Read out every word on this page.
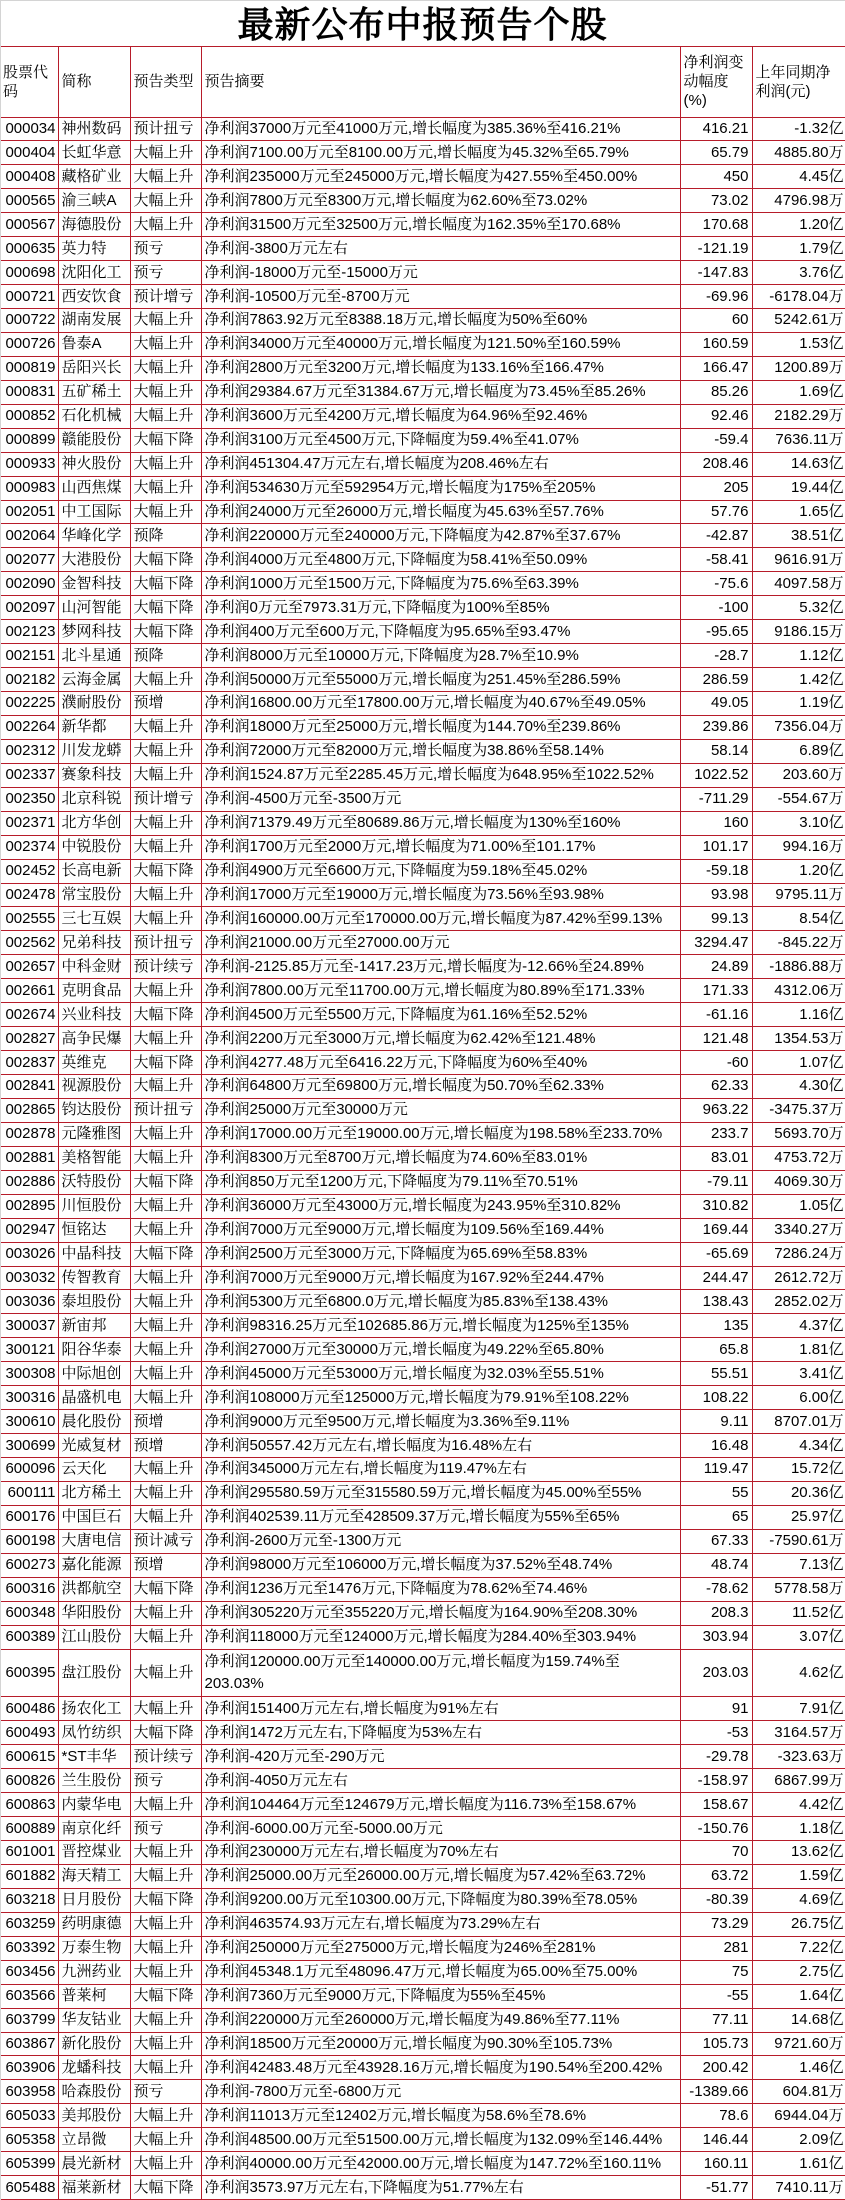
最新公布中报预告个股
股票代码	简称	预告类型	预告摘要	净利润变动幅度(%)	上年同期净利润(元)
000034	神州数码	预计扭亏	净利润37000万元至41000万元,增长幅度为385.36%至416.21%	416.21	-1.32亿
000404	长虹华意	大幅上升	净利润7100.00万元至8100.00万元,增长幅度为45.32%至65.79%	65.79	4885.80万
000408	藏格矿业	大幅上升	净利润235000万元至245000万元,增长幅度为427.55%至450.00%	450	4.45亿
000565	渝三峡A	大幅上升	净利润7800万元至8300万元,增长幅度为62.60%至73.02%	73.02	4796.98万
000567	海德股份	大幅上升	净利润31500万元至32500万元,增长幅度为162.35%至170.68%	170.68	1.20亿
000635	英力特	预亏	净利润-3800万元左右	-121.19	1.79亿
000698	沈阳化工	预亏	净利润-18000万元至-15000万元	-147.83	3.76亿
000721	西安饮食	预计增亏	净利润-10500万元至-8700万元	-69.96	-6178.04万
000722	湖南发展	大幅上升	净利润7863.92万元至8388.18万元,增长幅度为50%至60%	60	5242.61万
000726	鲁泰A	大幅上升	净利润34000万元至40000万元,增长幅度为121.50%至160.59%	160.59	1.53亿
000819	岳阳兴长	大幅上升	净利润2800万元至3200万元,增长幅度为133.16%至166.47%	166.47	1200.89万
000831	五矿稀土	大幅上升	净利润29384.67万元至31384.67万元,增长幅度为73.45%至85.26%	85.26	1.69亿
000852	石化机械	大幅上升	净利润3600万元至4200万元,增长幅度为64.96%至92.46%	92.46	2182.29万
000899	赣能股份	大幅下降	净利润3100万元至4500万元,下降幅度为59.4%至41.07%	-59.4	7636.11万
000933	神火股份	大幅上升	净利润451304.47万元左右,增长幅度为208.46%左右	208.46	14.63亿
000983	山西焦煤	大幅上升	净利润534630万元至592954万元,增长幅度为175%至205%	205	19.44亿
002051	中工国际	大幅上升	净利润24000万元至26000万元,增长幅度为45.63%至57.76%	57.76	1.65亿
002064	华峰化学	预降	净利润220000万元至240000万元,下降幅度为42.87%至37.67%	-42.87	38.51亿
002077	大港股份	大幅下降	净利润4000万元至4800万元,下降幅度为58.41%至50.09%	-58.41	9616.91万
002090	金智科技	大幅下降	净利润1000万元至1500万元,下降幅度为75.6%至63.39%	-75.6	4097.58万
002097	山河智能	大幅下降	净利润0万元至7973.31万元,下降幅度为100%至85%	-100	5.32亿
002123	梦网科技	大幅下降	净利润400万元至600万元,下降幅度为95.65%至93.47%	-95.65	9186.15万
002151	北斗星通	预降	净利润8000万元至10000万元,下降幅度为28.7%至10.9%	-28.7	1.12亿
002182	云海金属	大幅上升	净利润50000万元至55000万元,增长幅度为251.45%至286.59%	286.59	1.42亿
002225	濮耐股份	预增	净利润16800.00万元至17800.00万元,增长幅度为40.67%至49.05%	49.05	1.19亿
002264	新华都	大幅上升	净利润18000万元至25000万元,增长幅度为144.70%至239.86%	239.86	7356.04万
002312	川发龙蟒	大幅上升	净利润72000万元至82000万元,增长幅度为38.86%至58.14%	58.14	6.89亿
002337	赛象科技	大幅上升	净利润1524.87万元至2285.45万元,增长幅度为648.95%至1022.52%	1022.52	203.60万
002350	北京科锐	预计增亏	净利润-4500万元至-3500万元	-711.29	-554.67万
002371	北方华创	大幅上升	净利润71379.49万元至80689.86万元,增长幅度为130%至160%	160	3.10亿
002374	中锐股份	大幅上升	净利润1700万元至2000万元,增长幅度为71.00%至101.17%	101.17	994.16万
002452	长高电新	大幅下降	净利润4900万元至6600万元,下降幅度为59.18%至45.02%	-59.18	1.20亿
002478	常宝股份	大幅上升	净利润17000万元至19000万元,增长幅度为73.56%至93.98%	93.98	9795.11万
002555	三七互娱	大幅上升	净利润160000.00万元至170000.00万元,增长幅度为87.42%至99.13%	99.13	8.54亿
002562	兄弟科技	预计扭亏	净利润21000.00万元至27000.00万元	3294.47	-845.22万
002657	中科金财	预计续亏	净利润-2125.85万元至-1417.23万元,增长幅度为-12.66%至24.89%	24.89	-1886.88万
002661	克明食品	大幅上升	净利润7800.00万元至11700.00万元,增长幅度为80.89%至171.33%	171.33	4312.06万
002674	兴业科技	大幅下降	净利润4500万元至5500万元,下降幅度为61.16%至52.52%	-61.16	1.16亿
002827	高争民爆	大幅上升	净利润2200万元至3000万元,增长幅度为62.42%至121.48%	121.48	1354.53万
002837	英维克	大幅下降	净利润4277.48万元至6416.22万元,下降幅度为60%至40%	-60	1.07亿
002841	视源股份	大幅上升	净利润64800万元至69800万元,增长幅度为50.70%至62.33%	62.33	4.30亿
002865	钧达股份	预计扭亏	净利润25000万元至30000万元	963.22	-3475.37万
002878	元隆雅图	大幅上升	净利润17000.00万元至19000.00万元,增长幅度为198.58%至233.70%	233.7	5693.70万
002881	美格智能	大幅上升	净利润8300万元至8700万元,增长幅度为74.60%至83.01%	83.01	4753.72万
002886	沃特股份	大幅下降	净利润850万元至1200万元,下降幅度为79.11%至70.51%	-79.11	4069.30万
002895	川恒股份	大幅上升	净利润36000万元至43000万元,增长幅度为243.95%至310.82%	310.82	1.05亿
002947	恒铭达	大幅上升	净利润7000万元至9000万元,增长幅度为109.56%至169.44%	169.44	3340.27万
003026	中晶科技	大幅下降	净利润2500万元至3000万元,下降幅度为65.69%至58.83%	-65.69	7286.24万
003032	传智教育	大幅上升	净利润7000万元至9000万元,增长幅度为167.92%至244.47%	244.47	2612.72万
003036	泰坦股份	大幅上升	净利润5300万元至6800.0万元,增长幅度为85.83%至138.43%	138.43	2852.02万
300037	新宙邦	大幅上升	净利润98316.25万元至102685.86万元,增长幅度为125%至135%	135	4.37亿
300121	阳谷华泰	大幅上升	净利润27000万元至30000万元,增长幅度为49.22%至65.80%	65.8	1.81亿
300308	中际旭创	大幅上升	净利润45000万元至53000万元,增长幅度为32.03%至55.51%	55.51	3.41亿
300316	晶盛机电	大幅上升	净利润108000万元至125000万元,增长幅度为79.91%至108.22%	108.22	6.00亿
300610	晨化股份	预增	净利润9000万元至9500万元,增长幅度为3.36%至9.11%	9.11	8707.01万
300699	光威复材	预增	净利润50557.42万元左右,增长幅度为16.48%左右	16.48	4.34亿
600096	云天化	大幅上升	净利润345000万元左右,增长幅度为119.47%左右	119.47	15.72亿
600111	北方稀土	大幅上升	净利润295580.59万元至315580.59万元,增长幅度为45.00%至55%	55	20.36亿
600176	中国巨石	大幅上升	净利润402539.11万元至428509.37万元,增长幅度为55%至65%	65	25.97亿
600198	大唐电信	预计减亏	净利润-2600万元至-1300万元	67.33	-7590.61万
600273	嘉化能源	预增	净利润98000万元至106000万元,增长幅度为37.52%至48.74%	48.74	7.13亿
600316	洪都航空	大幅下降	净利润1236万元至1476万元,下降幅度为78.62%至74.46%	-78.62	5778.58万
600348	华阳股份	大幅上升	净利润305220万元至355220万元,增长幅度为164.90%至208.30%	208.3	11.52亿
600389	江山股份	大幅上升	净利润118000万元至124000万元,增长幅度为284.40%至303.94%	303.94	3.07亿
600395	盘江股份	大幅上升	净利润120000.00万元至140000.00万元,增长幅度为159.74%至203.03%	203.03	4.62亿
600486	扬农化工	大幅上升	净利润151400万元左右,增长幅度为91%左右	91	7.91亿
600493	凤竹纺织	大幅下降	净利润1472万元左右,下降幅度为53%左右	-53	3164.57万
600615	*ST丰华	预计续亏	净利润-420万元至-290万元	-29.78	-323.63万
600826	兰生股份	预亏	净利润-4050万元左右	-158.97	6867.99万
600863	内蒙华电	大幅上升	净利润104464万元至124679万元,增长幅度为116.73%至158.67%	158.67	4.42亿
600889	南京化纤	预亏	净利润-6000.00万元至-5000.00万元	-150.76	1.18亿
601001	晋控煤业	大幅上升	净利润230000万元左右,增长幅度为70%左右	70	13.62亿
601882	海天精工	大幅上升	净利润25000.00万元至26000.00万元,增长幅度为57.42%至63.72%	63.72	1.59亿
603218	日月股份	大幅下降	净利润9200.00万元至10300.00万元,下降幅度为80.39%至78.05%	-80.39	4.69亿
603259	药明康德	大幅上升	净利润463574.93万元左右,增长幅度为73.29%左右	73.29	26.75亿
603392	万泰生物	大幅上升	净利润250000万元至275000万元,增长幅度为246%至281%	281	7.22亿
603456	九洲药业	大幅上升	净利润45348.1万元至48096.47万元,增长幅度为65.00%至75.00%	75	2.75亿
603566	普莱柯	大幅下降	净利润7360万元至9000万元,下降幅度为55%至45%	-55	1.64亿
603799	华友钴业	大幅上升	净利润220000万元至260000万元,增长幅度为49.86%至77.11%	77.11	14.68亿
603867	新化股份	大幅上升	净利润18500万元至20000万元,增长幅度为90.30%至105.73%	105.73	9721.60万
603906	龙蟠科技	大幅上升	净利润42483.48万元至43928.16万元,增长幅度为190.54%至200.42%	200.42	1.46亿
603958	哈森股份	预亏	净利润-7800万元至-6800万元	-1389.66	604.81万
605033	美邦股份	大幅上升	净利润11013万元至12402万元,增长幅度为58.6%至78.6%	78.6	6944.04万
605358	立昂微	大幅上升	净利润48500.00万元至51500.00万元,增长幅度为132.09%至146.44%	146.44	2.09亿
605399	晨光新材	大幅上升	净利润40000.00万元至42000.00万元,增长幅度为147.72%至160.11%	160.11	1.61亿
605488	福莱新材	大幅下降	净利润3573.97万元左右,下降幅度为51.77%左右	-51.77	7410.11万
